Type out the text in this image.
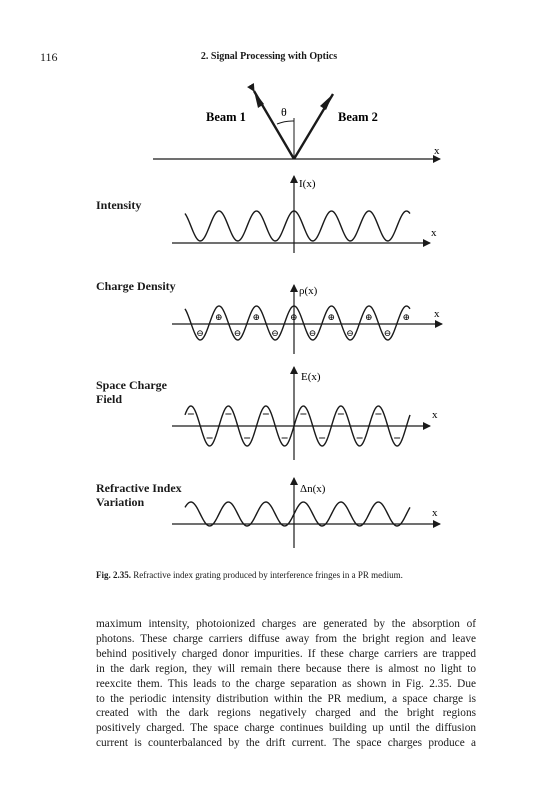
116	2. Signal Processing with Optics
θ
Beam 1	Beam 2
x
I(x)
x
ρ(x)
x
⊖
⊕
⊖
⊕
⊖
⊕
⊖
⊕
⊖
⊕
⊖
⊕
E(x)
x
Δn(x)
x
Intensity
Charge Density
Space Charge Field
Refractive Index Variation
Fig. 2.35. Refractive index grating produced by interference fringes in a PR medium.
maximum intensity, photoionized charges are generated by the absorption of
photons. These charge carriers diffuse away from the bright region and leave
behind positively charged donor impurities. If these charge carriers are trapped
in the dark region, they will remain there because there is almost no light to
reexcite them. This leads to the charge separation as shown in Fig. 2.35. Due
to the periodic intensity distribution within the PR medium, a space charge is
created with the dark regions negatively charged and the bright regions
positively charged. The space charge continues building up until the diffusion
current is counterbalanced by the drift current. The space charges produce a
